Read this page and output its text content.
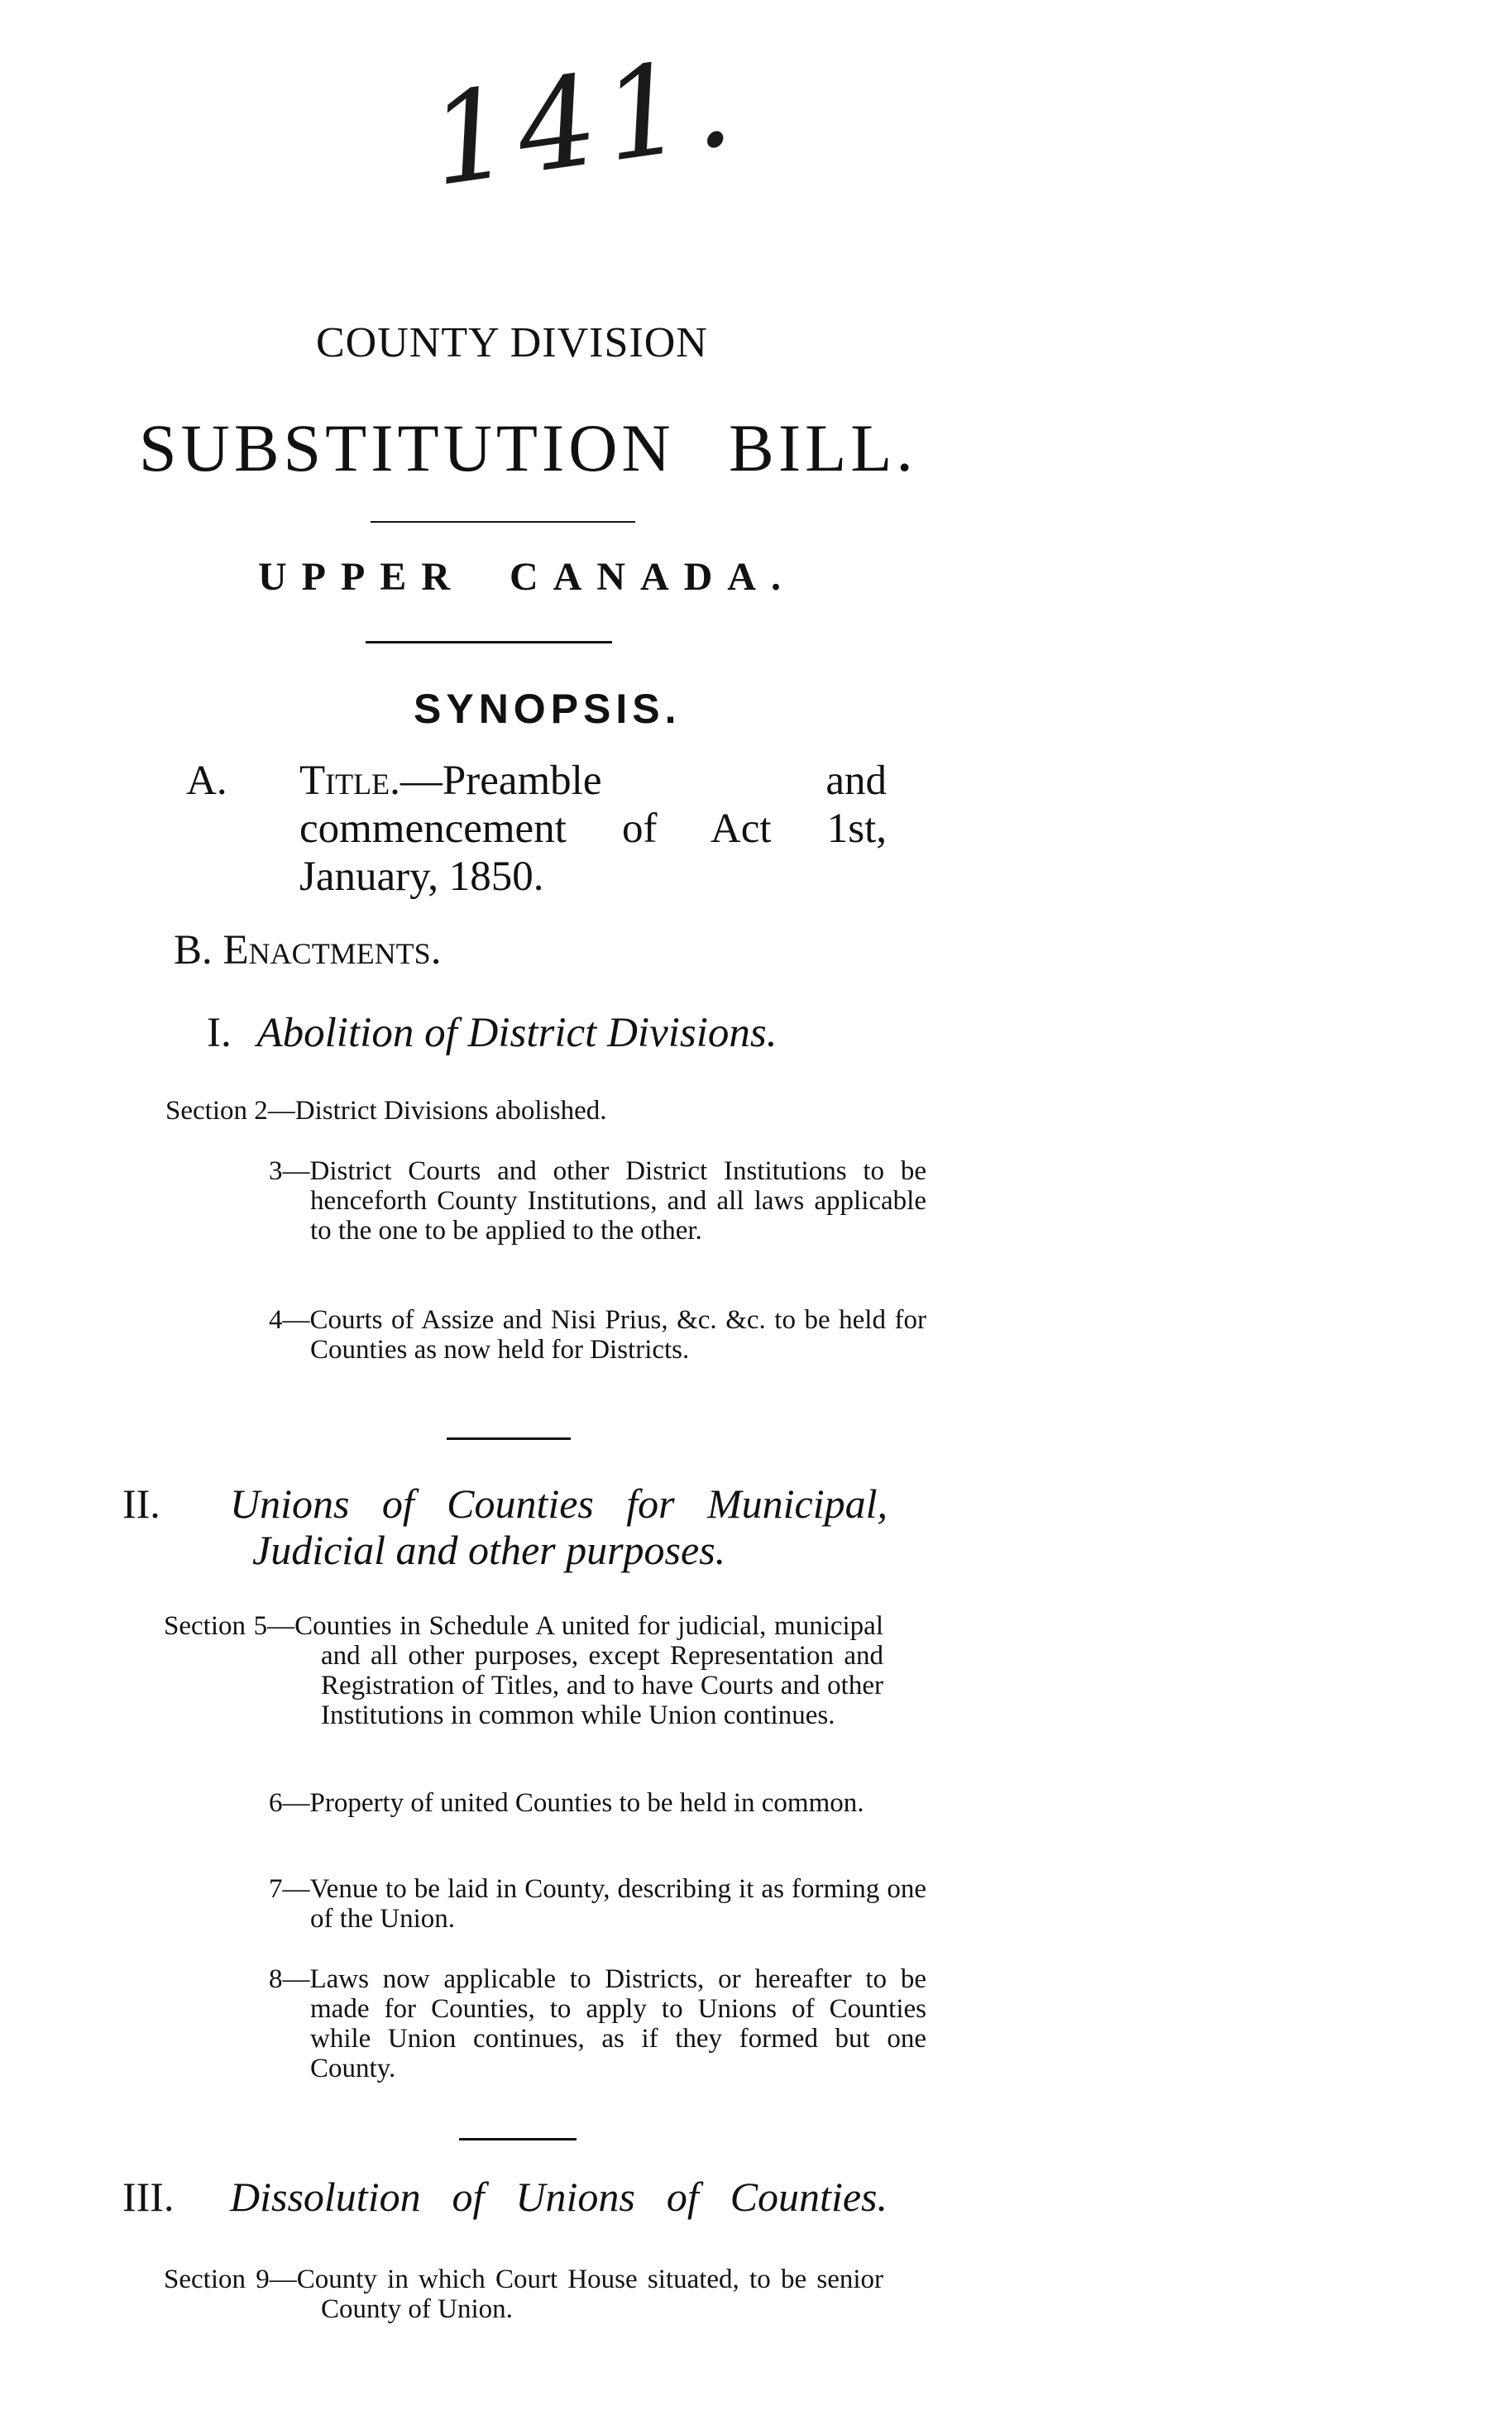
141.
COUNTY DIVISION
SUBSTITUTION BILL.
UPPER CANADA.
SYNOPSIS.
A. Title.—Preamble and commencement of Act 1st, January, 1850.
B. Enactments.
I. Abolition of District Divisions.
Section 2—District Divisions abolished.
3—District Courts and other District Institutions to be henceforth County Institutions, and all laws applicable to the one to be applied to the other.
4—Courts of Assize and Nisi Prius, &c. &c. to be held for Counties as now held for Districts.
II. Unions of Counties for Municipal,
Judicial and other purposes.
Section 5—Counties in Schedule A united for judicial, municipal and all other purposes, except Representation and Registration of Titles, and to have Courts and other Institutions in common while Union continues.
6—Property of united Counties to be held in common.
7—Venue to be laid in County, describing it as forming one of the Union.
8—Laws now applicable to Districts, or hereafter to be made for Counties, to apply to Unions of Counties while Union continues, as if they formed but one County.
III. Dissolution of Unions of Counties.
Section 9—County in which Court House situated, to be senior County of Union.
